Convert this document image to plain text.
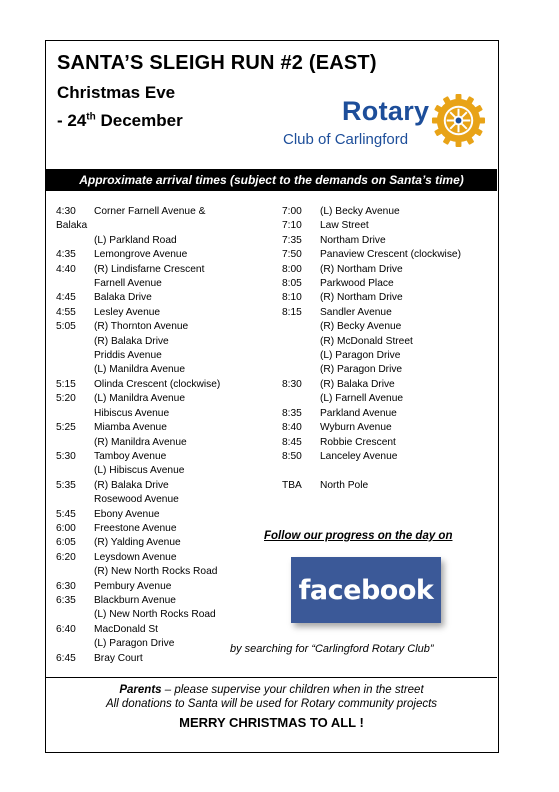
SANTA’S SLEIGH RUN #2 (EAST)
Christmas Eve
- 24th December	Rotary
Club of Carlingford
Approximate arrival times (subject to the demands on Santa’s time)
4:30	Corner Farnell Avenue &
Balaka
(L) Parkland Road
4:35	Lemongrove Avenue
4:40	(R) Lindisfarne Crescent
Farnell Avenue
4:45	Balaka Drive
4:55	Lesley Avenue
5:05	(R) Thornton Avenue
(R) Balaka Drive
Priddis Avenue
(L) Manildra Avenue
5:15	Olinda Crescent (clockwise)
5:20	(L) Manildra Avenue
Hibiscus Avenue
5:25	Miamba Avenue
(R) Manildra Avenue
5:30	Tamboy Avenue
(L) Hibiscus Avenue
5:35	(R) Balaka Drive
Rosewood Avenue
5:45	Ebony Avenue
6:00	Freestone Avenue
6:05	(R) Yalding Avenue
6:20	Leysdown Avenue
(R) New North Rocks Road
6:30	Pembury Avenue
6:35	Blackburn Avenue
(L) New North Rocks Road
6:40	MacDonald St
(L) Paragon Drive
6:45	Bray Court
7:00	(L) Becky Avenue
7:10	Law Street
7:35	Northam Drive
7:50	Panaview Crescent (clockwise)
8:00	(R) Northam Drive
8:05	Parkwood Place
8:10	(R) Northam Drive
8:15	Sandler Avenue
(R) Becky Avenue
(R) McDonald Street
(L) Paragon Drive
(R) Paragon Drive
8:30	(R) Balaka Drive
(L) Farnell Avenue
8:35	Parkland Avenue
8:40	Wyburn Avenue
8:45	Robbie Crescent
8:50	Lanceley Avenue
TBA	North Pole
Follow our progress on the day on
facebook
by searching for “Carlingford Rotary Club”
Parents – please supervise your children when in the street
All donations to Santa will be used for Rotary community projects
MERRY CHRISTMAS TO ALL !
